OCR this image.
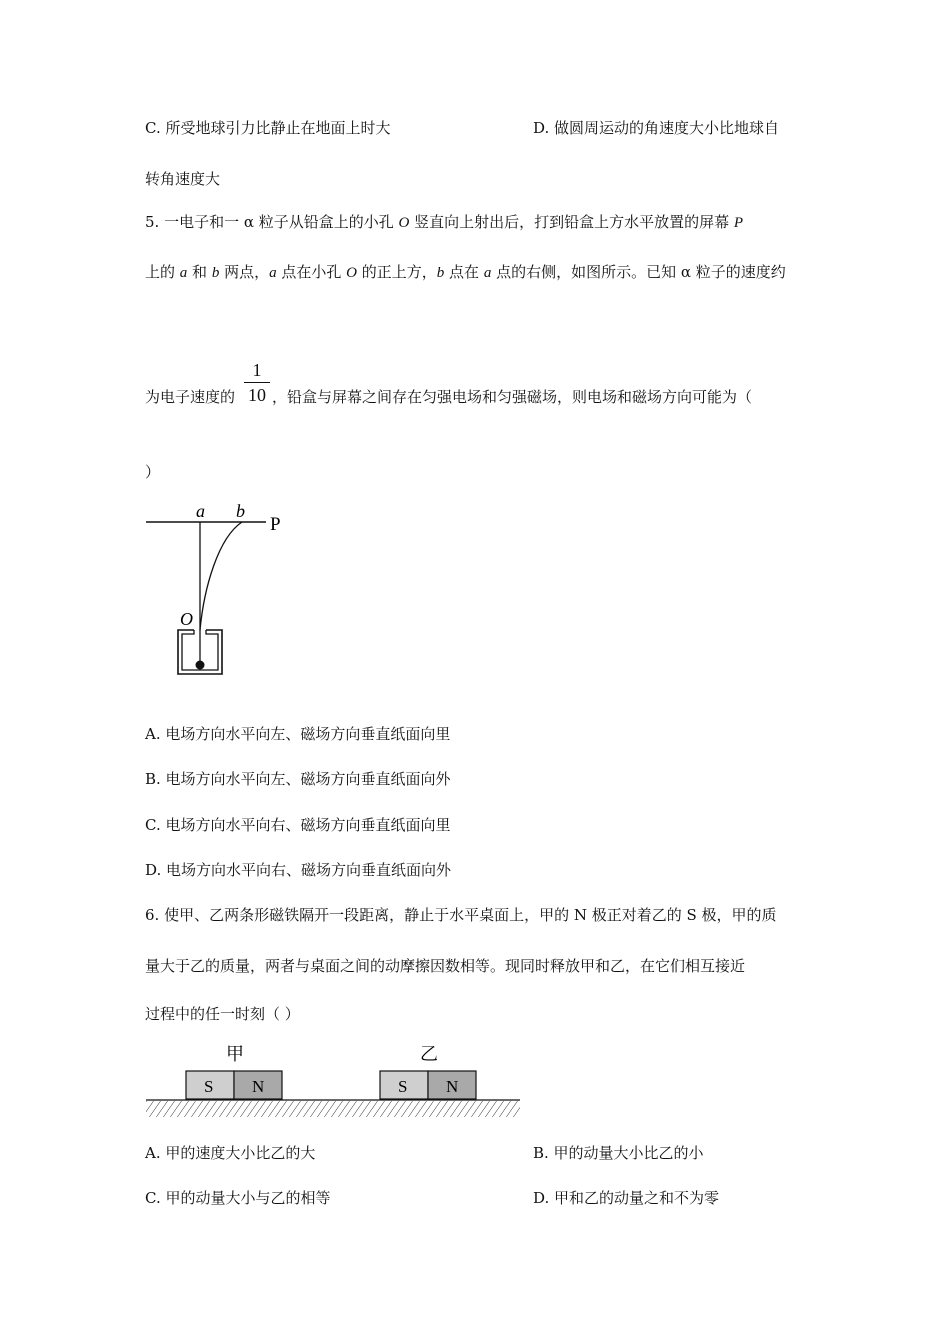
C. 所受地球引力比静止在地面上时大	D. 做圆周运动的角速度大小比地球自
转角速度大
5. 一电子和一 α 粒子从铅盒上的小孔 O 竖直向上射出后，打到铅盒上方水平放置的屏幕 P
上的 a 和 b 两点，a 点在小孔 O 的正上方，b 点在 a 点的右侧，如图所示。已知 α 粒子的速度约
1
10
为电子速度的 ，铅盒与屏幕之间存在匀强电场和匀强磁场，则电场和磁场方向可能为（
）
a b
P
O
A. 电场方向水平向左、磁场方向垂直纸面向里
B. 电场方向水平向左、磁场方向垂直纸面向外
C. 电场方向水平向右、磁场方向垂直纸面向里
D. 电场方向水平向右、磁场方向垂直纸面向外
6. 使甲、乙两条形磁铁隔开一段距离，静止于水平桌面上，甲的 N 极正对着乙的 S 极，甲的质
量大于乙的质量，两者与桌面之间的动摩擦因数相等。现同时释放甲和乙，在它们相互接近
过程中的任一时刻（ ）
甲	乙
S N	S N
A. 甲的速度大小比乙的大	B. 甲的动量大小比乙的小
C. 甲的动量大小与乙的相等	D. 甲和乙的动量之和不为零
